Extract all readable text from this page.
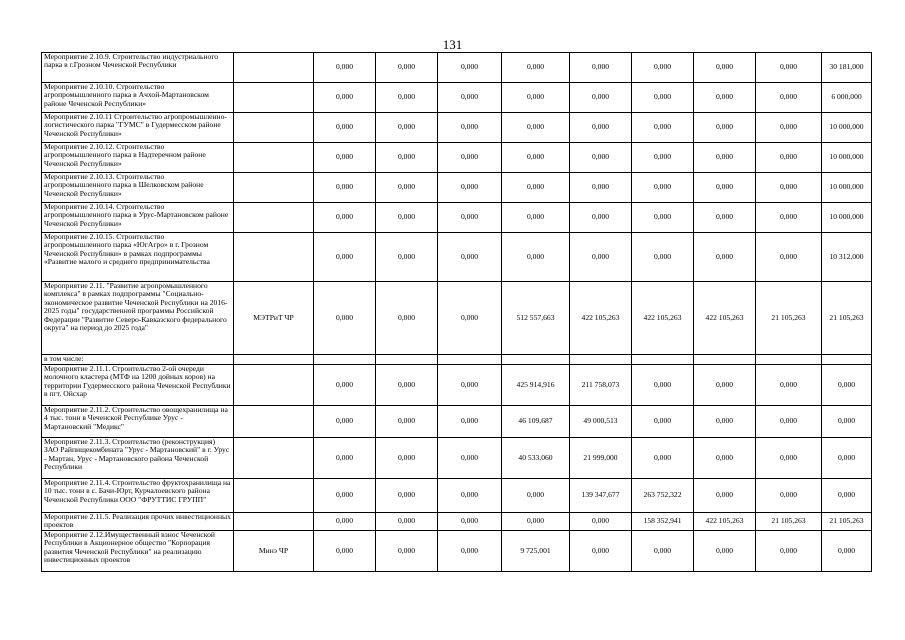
131
Мероприятие 2.10.9. Строительство индустриального парка в г.Грозном Чеченской Республики		0,000	0,000	0,000	0,000	0,000	0,000	0,000	0,000	30 181,000
Мероприятие 2.10.10. Строительство агропромышленного парка в Ачхой-Мартановском районе Чеченской Республики»		0,000	0,000	0,000	0,000	0,000	0,000	0,000	0,000	6 000,000
Мероприятие 2.10.11 Строительство агропромышленно- логистического парка "ГУМС" в Гудермесском районе Чеченской Республики»		0,000	0,000	0,000	0,000	0,000	0,000	0,000	0,000	10 000,000
Мероприятие 2.10.12. Строительство агропромышленного парка в Надтеречном районе Чеченской Республики»		0,000	0,000	0,000	0,000	0,000	0,000	0,000	0,000	10 000,000
Мероприятие 2.10.13. Строительство агропромышленного парка в Шелковском районе Чеченской Республики»		0,000	0,000	0,000	0,000	0,000	0,000	0,000	0,000	10 000,000
Мероприятие 2.10.14. Строительство агропромышленного парка в Урус-Мартановском районе Чеченской Республики»		0,000	0,000	0,000	0,000	0,000	0,000	0,000	0,000	10 000,000
Мероприятие 2.10.15. Строительство агропромышленного парка «ЮгАгро» в г. Грозном Чеченской Республики» в рамках подпрограммы «Развитие малого и среднего предпринимательства		0,000	0,000	0,000	0,000	0,000	0,000	0,000	0,000	10 312,000
Мероприятие 2.11. "Развитие агропромышленного комплекса" в рамках подпрограммы "Социально-экономическое развитие Чеченской Республики на 2016-2025 годы" государственной программы Российской Федерации "Развитие Северо-Кавказского федерального округа" на период до 2025 года"	МЭТРиТ ЧР	0,000	0,000	0,000	512 557,663	422 105,263	422 105,263	422 105,263	21 105,263	21 105,263
в том числе:										
Мероприятие 2.11.1. Строительство 2-ой очереди молочного кластера (МТФ на 1200 дойных коров) на территории Гудермесского района Чеченской Республики в пгт. Ойсхар		0,000	0,000	0,000	425 914,916	211 758,073	0,000	0,000	0,000	0,000
Мероприятие 2.11.2. Строительство овощехранилища на 4 тыс. тонн в Чеченской Республике Урус - Мартановский "Медикс"		0,000	0,000	0,000	46 109,687	49 000,513	0,000	0,000	0,000	0,000
Мероприятие 2.11.3. Строительство (реконструкция) ЗАО Райпищекомбината "Урус - Мартановский" в г. Урус - Мартан, Урус - Мартановского района Чеченской Республики		0,000	0,000	0,000	40 533,060	21 999,000	0,000	0,000	0,000	0,000
Мероприятие 2.11.4. Строительство фруктохранилища на 10 тыс. тонн в с. Бачи-Юрт, Курчалоевского района Чеченской Республики ООО "ФРУТТИС ГРУПП"		0,000	0,000	0,000	0,000	139 347,677	263 752,322	0,000	0,000	0,000
Мероприятие 2.11.5. Реализация прочих инвестиционных проектов		0,000	0,000	0,000	0,000	0,000	158 352,941	422 105,263	21 105,263	21 105,263
Мероприятие 2.12.Имущественный взнос Чеченской Республики в Акционерное общество "Корпорация развития Чеченской Республики" на реализацию инвестиционных проектов	Минэ ЧР	0,000	0,000	0,000	9 725,001	0,000	0,000	0,000	0,000	0,000
